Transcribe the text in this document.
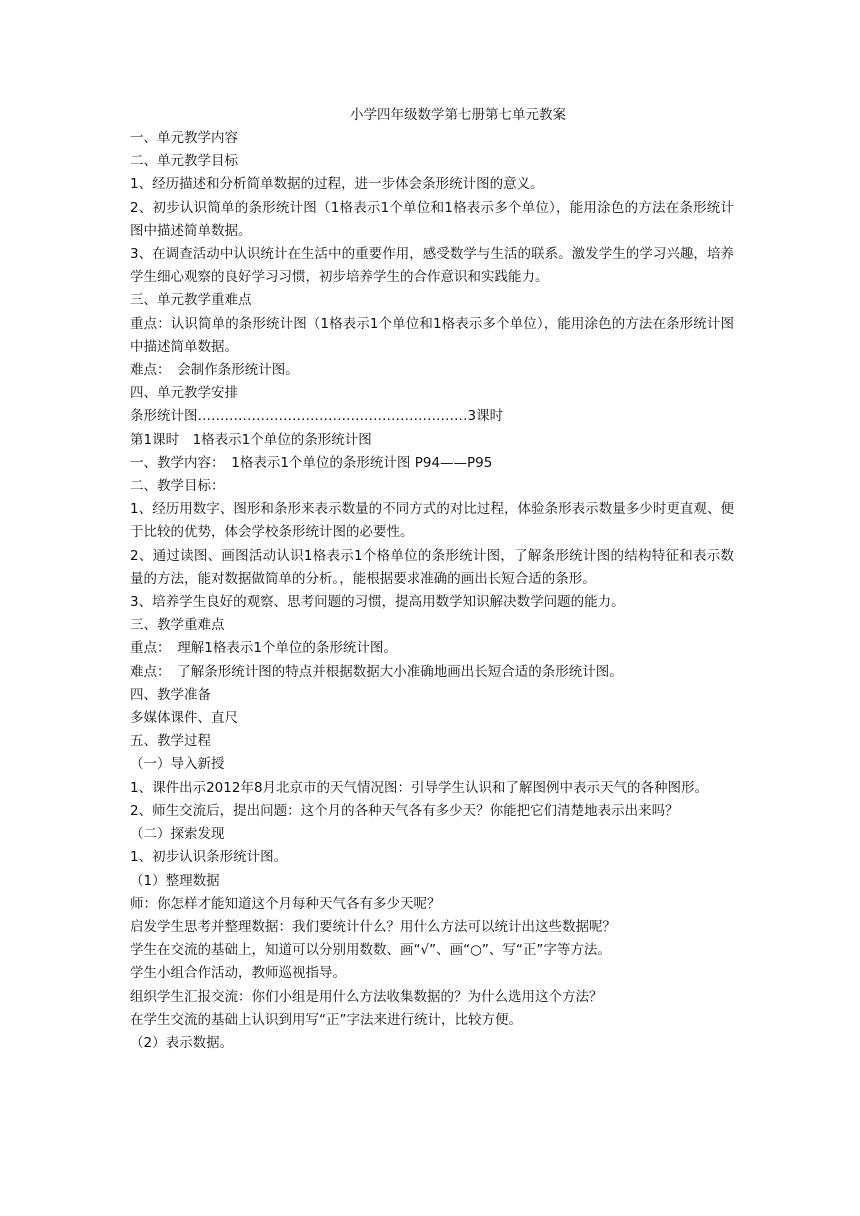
小学四年级数学第七册第七单元教案
一、单元教学内容
二、单元教学目标
1、经历描述和分析简单数据的过程，进一步体会条形统计图的意义。
2、初步认识简单的条形统计图（1格表示1个单位和1格表示多个单位），能用涂色的方法在条形统计图中描述简单数据。
3、在调查活动中认识统计在生活中的重要作用，感受数学与生活的联系。激发学生的学习兴趣，培养学生细心观察的良好学习习惯，初步培养学生的合作意识和实践能力。
三、单元教学重难点
重点：认识简单的条形统计图（1格表示1个单位和1格表示多个单位），能用涂色的方法在条形统计图中描述简单数据。
难点：　会制作条形统计图。
四、单元教学安排
条形统计图……………………………………………………3课时
第1课时　1格表示1个单位的条形统计图
一、教学内容：　1格表示1个单位的条形统计图 P94——P95
二、教学目标：
1、经历用数字、图形和条形来表示数量的不同方式的对比过程，体验条形表示数量多少时更直观、便于比较的优势，体会学校条形统计图的必要性。
2、通过读图、画图活动认识1格表示1个格单位的条形统计图，了解条形统计图的结构特征和表示数量的方法，能对数据做简单的分析。，能根据要求准确的画出长短合适的条形。
3、培养学生良好的观察、思考问题的习惯，提高用数学知识解决数学问题的能力。
三、教学重难点
重点：　理解1格表示1个单位的条形统计图。
难点：　了解条形统计图的特点并根据数据大小准确地画出长短合适的条形统计图。
四、教学准备
多媒体课件、直尺
五、教学过程
（一）导入新授
1、课件出示2012年8月北京市的天气情况图：引导学生认识和了解图例中表示天气的各种图形。
2、师生交流后，提出问题：这个月的各种天气各有多少天？你能把它们清楚地表示出来吗？
（二）探索发现
1、初步认识条形统计图。
（1）整理数据
师：你怎样才能知道这个月每种天气各有多少天呢？
启发学生思考并整理数据：我们要统计什么？用什么方法可以统计出这些数据呢？
学生在交流的基础上，知道可以分别用数数、画“√”、画“○”、写“正”字等方法。
学生小组合作活动，教师巡视指导。
组织学生汇报交流：你们小组是用什么方法收集数据的？为什么选用这个方法？
在学生交流的基础上认识到用写“正”字法来进行统计，比较方便。
（2）表示数据。
